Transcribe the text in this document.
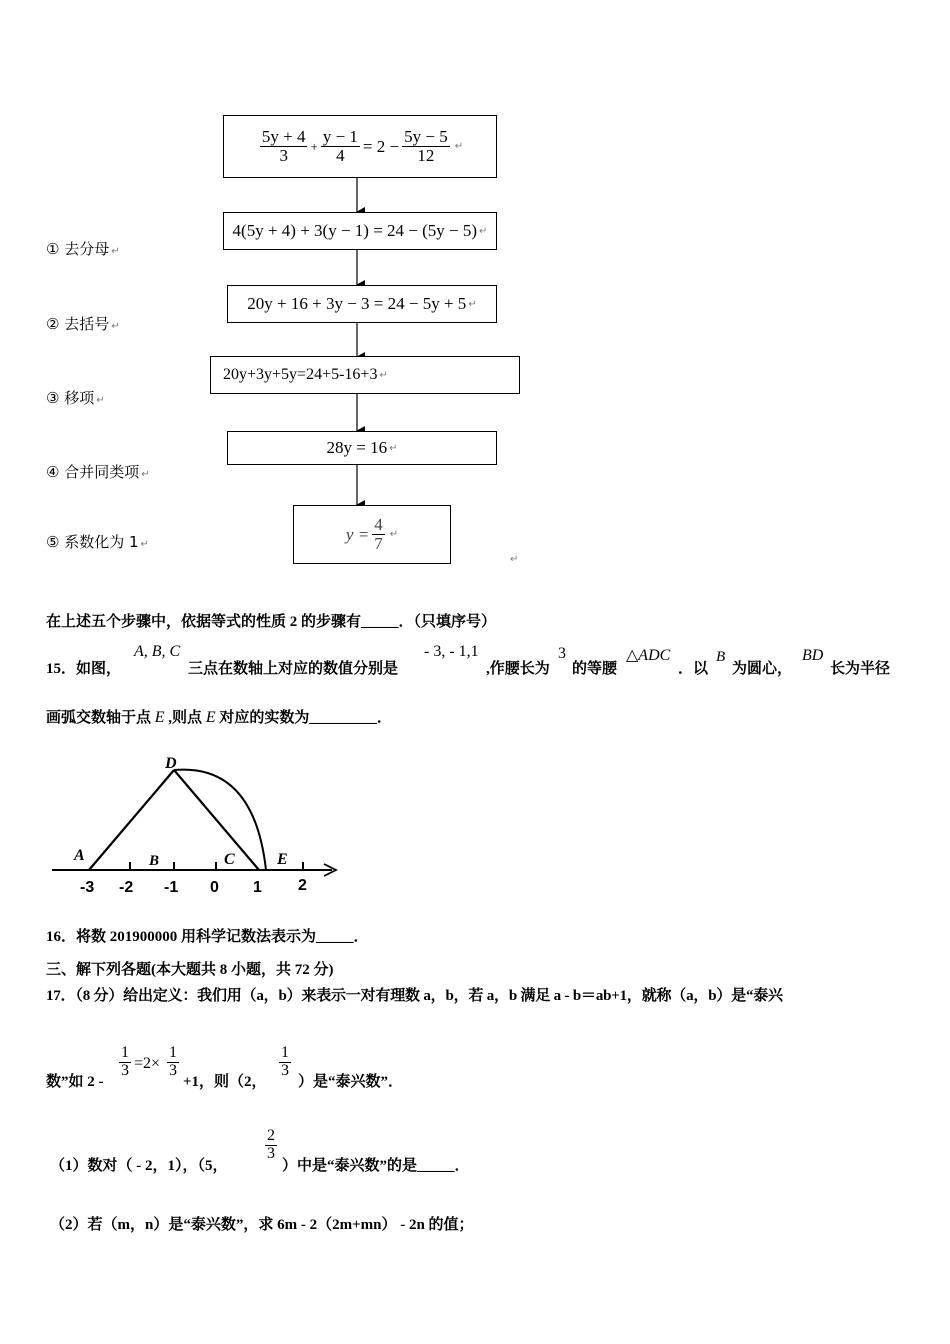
$\frac{5y + 4}{3} + \frac{y - 1}{4} = 2 - \frac{5y - 5}{12}$ ↵
4(5y + 4) + 3(y − 1) = 24 − (5y − 5) ↵
20y + 16 + 3y − 3 = 24 − 5y + 5 ↵
20y+3y+5y=24+5-16+3 ↵
28y = 16 ↵
$y = \frac{4}{7}$ ↵
↵
① 去分母 ↵
② 去括号 ↵
③ 移项 ↵
④ 合并同类项 ↵
⑤ 系数化为 1 ↵
在上述五个步骤中，依据等式的性质 2 的步骤有_____．（只填序号）
15．如图，
A, B, C
三点在数轴上对应的数值分别是
- 3, - 1,1
,作腰长为
3
的等腰
△ADC
．以
B
为圆心，
BD
长为半径
画弧交数轴于点 E ,则点 E 对应的实数为_________．
D
A	B	C	E
-3 -2 -1 0 1 2
16．将数 201900000 用科学记数法表示为_____．
三、解下列各题(本大题共 8 小题，共 72 分)
17．（8 分）给出定义：我们用（a，b）来表示一对有理数 a，b，若 a，b 满足 a - b＝ab+1，就称（a，b）是“泰兴
数”如 2 -
$\frac{1}{3} =2\times \frac{1}{3}$
+1，则（2，
$\frac{1}{3}$
）是“泰兴数”．
（1）数对（ - 2，1），（5，
$\frac{2}{3}$
）中是“泰兴数”的是_____．
（2）若（m，n）是“泰兴数”，求 6m - 2（2m+mn） - 2n 的值；
